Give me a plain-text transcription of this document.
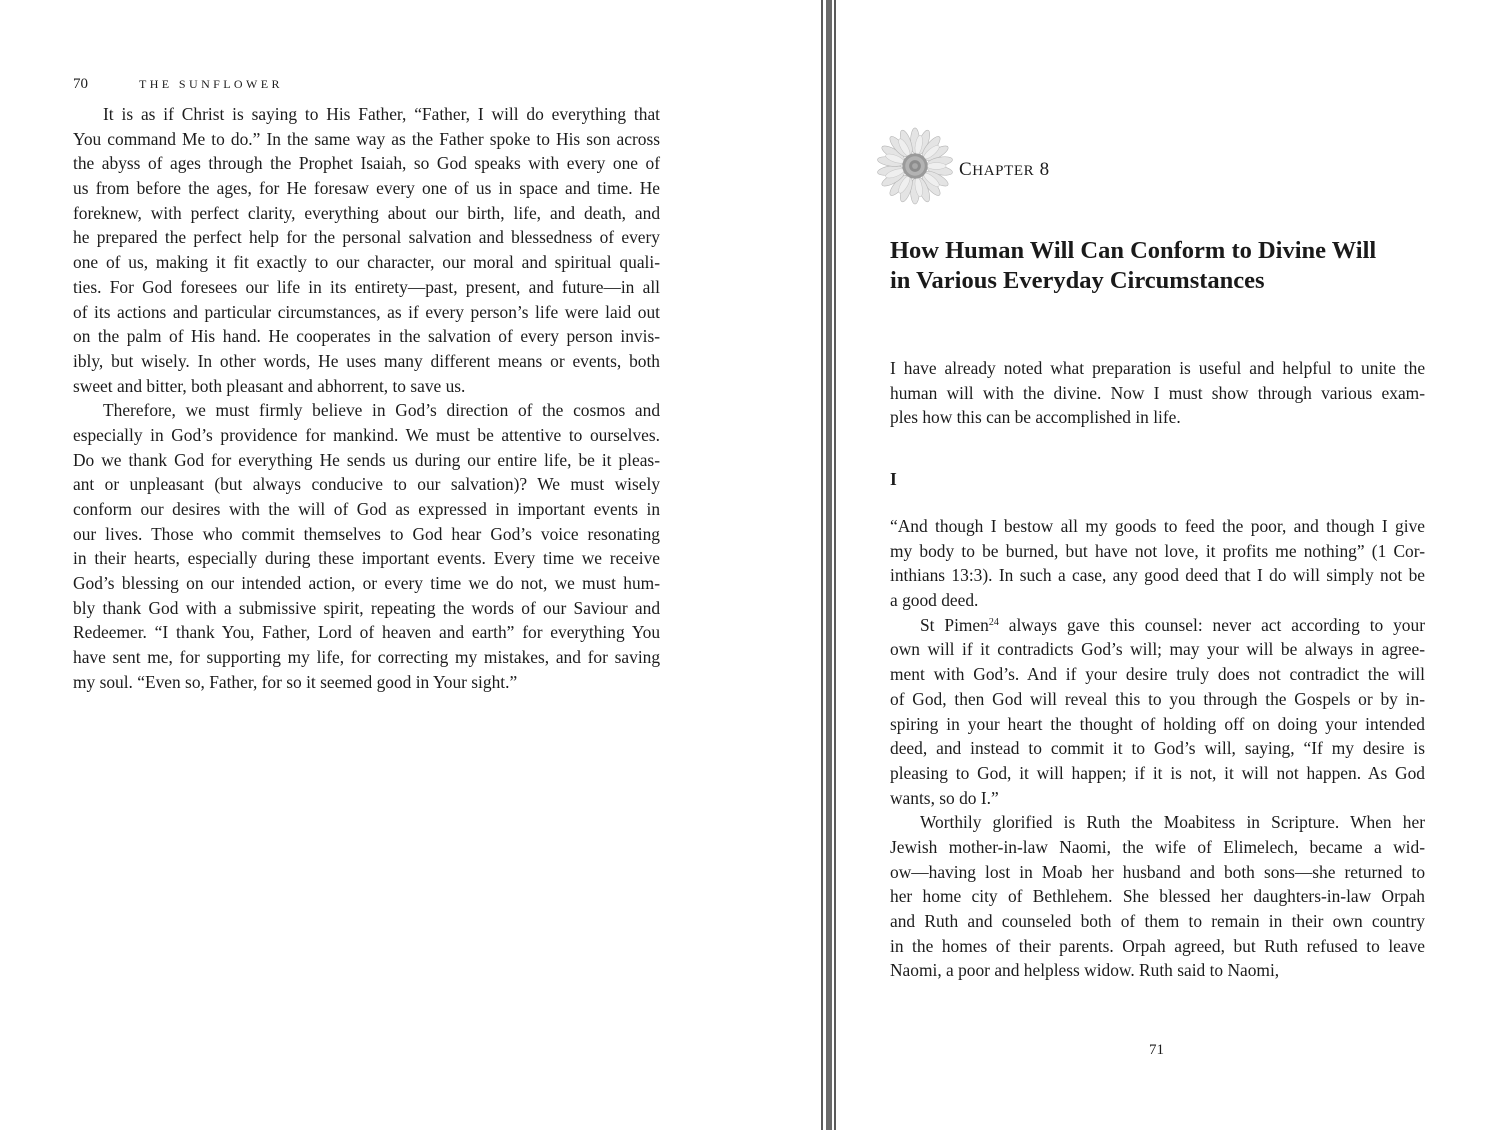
70	THE SUNFLOWER
It is as if Christ is saying to His Father, “Father, I will do everything that
You command Me to do.” In the same way as the Father spoke to His son across
the abyss of ages through the Prophet Isaiah, so God speaks with every one of
us from before the ages, for He foresaw every one of us in space and time. He
foreknew, with perfect clarity, everything about our birth, life, and death, and
he prepared the perfect help for the personal salvation and blessedness of every
one of us, making it fit exactly to our character, our moral and spiritual quali-
ties. For God foresees our life in its entirety—past, present, and future—in all
of its actions and particular circumstances, as if every person’s life were laid out
on the palm of His hand. He cooperates in the salvation of every person invis-
ibly, but wisely. In other words, He uses many different means or events, both
sweet and bitter, both pleasant and abhorrent, to save us.
Therefore, we must firmly believe in God’s direction of the cosmos and
especially in God’s providence for mankind. We must be attentive to ourselves.
Do we thank God for everything He sends us during our entire life, be it pleas-
ant or unpleasant (but always conducive to our salvation)? We must wisely
conform our desires with the will of God as expressed in important events in
our lives. Those who commit themselves to God hear God’s voice resonating
in their hearts, especially during these important events. Every time we receive
God’s blessing on our intended action, or every time we do not, we must hum-
bly thank God with a submissive spirit, repeating the words of our Saviour and
Redeemer. “I thank You, Father, Lord of heaven and earth” for everything You
have sent me, for supporting my life, for correcting my mistakes, and for saving
my soul. “Even so, Father, for so it seemed good in Your sight.”
CHAPTER 8
How Human Will Can Conform to Divine Will
in Various Everyday Circumstances
I have already noted what preparation is useful and helpful to unite the
human will with the divine. Now I must show through various exam-
ples how this can be accomplished in life.
I
“And though I bestow all my goods to feed the poor, and though I give
my body to be burned, but have not love, it profits me nothing” (1 Cor-
inthians 13:3). In such a case, any good deed that I do will simply not be
a good deed.
St Pimen$^{24}$ always gave this counsel: never act according to your
own will if it contradicts God’s will; may your will be always in agree-
ment with God’s. And if your desire truly does not contradict the will
of God, then God will reveal this to you through the Gospels or by in-
spiring in your heart the thought of holding off on doing your intended
deed, and instead to commit it to God’s will, saying, “If my desire is
pleasing to God, it will happen; if it is not, it will not happen. As God
wants, so do I.”
Worthily glorified is Ruth the Moabitess in Scripture. When her
Jewish mother-in-law Naomi, the wife of Elimelech, became a wid-
ow—having lost in Moab her husband and both sons—she returned to
her home city of Bethlehem. She blessed her daughters-in-law Orpah
and Ruth and counseled both of them to remain in their own country
in the homes of their parents. Orpah agreed, but Ruth refused to leave
Naomi, a poor and helpless widow. Ruth said to Naomi,
71
